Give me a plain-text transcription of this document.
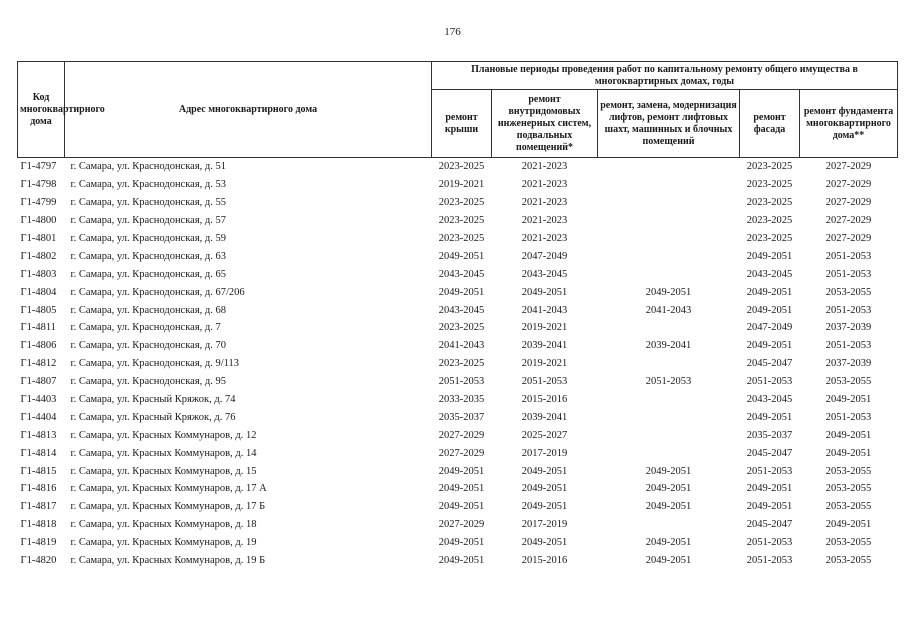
176
Код многоквартирного дома	Адрес многоквартирного дома	Плановые периоды проведения работ по капитальному ремонту общего имущества в многоквартирных домах, годы				
		ремонт крыши	ремонт внутридомовых инженерных систем, подвальных помещений*	ремонт, замена, модернизация лифтов, ремонт лифтовых шахт, машинных и блочных помещений	ремонт фасада	ремонт фундамента многоквартирного дома**
Г1-4797	г. Самара, ул. Краснодонская, д. 51	2023-2025	2021-2023		2023-2025	2027-2029
Г1-4798	г. Самара, ул. Краснодонская, д. 53	2019-2021	2021-2023		2023-2025	2027-2029
Г1-4799	г. Самара, ул. Краснодонская, д. 55	2023-2025	2021-2023		2023-2025	2027-2029
Г1-4800	г. Самара, ул. Краснодонская, д. 57	2023-2025	2021-2023		2023-2025	2027-2029
Г1-4801	г. Самара, ул. Краснодонская, д. 59	2023-2025	2021-2023		2023-2025	2027-2029
Г1-4802	г. Самара, ул. Краснодонская, д. 63	2049-2051	2047-2049		2049-2051	2051-2053
Г1-4803	г. Самара, ул. Краснодонская, д. 65	2043-2045	2043-2045		2043-2045	2051-2053
Г1-4804	г. Самара, ул. Краснодонская, д. 67/206	2049-2051	2049-2051	2049-2051	2049-2051	2053-2055
Г1-4805	г. Самара, ул. Краснодонская, д. 68	2043-2045	2041-2043	2041-2043	2049-2051	2051-2053
Г1-4811	г. Самара, ул. Краснодонская, д. 7	2023-2025	2019-2021		2047-2049	2037-2039
Г1-4806	г. Самара, ул. Краснодонская, д. 70	2041-2043	2039-2041	2039-2041	2049-2051	2051-2053
Г1-4812	г. Самара, ул. Краснодонская, д. 9/113	2023-2025	2019-2021		2045-2047	2037-2039
Г1-4807	г. Самара, ул. Краснодонская, д. 95	2051-2053	2051-2053	2051-2053	2051-2053	2053-2055
Г1-4403	г. Самара, ул. Красный Кряжок, д. 74	2033-2035	2015-2016		2043-2045	2049-2051
Г1-4404	г. Самара, ул. Красный Кряжок, д. 76	2035-2037	2039-2041		2049-2051	2051-2053
Г1-4813	г. Самара, ул. Красных Коммунаров, д. 12	2027-2029	2025-2027		2035-2037	2049-2051
Г1-4814	г. Самара, ул. Красных Коммунаров, д. 14	2027-2029	2017-2019		2045-2047	2049-2051
Г1-4815	г. Самара, ул. Красных Коммунаров, д. 15	2049-2051	2049-2051	2049-2051	2051-2053	2053-2055
Г1-4816	г. Самара, ул. Красных Коммунаров, д. 17 А	2049-2051	2049-2051	2049-2051	2049-2051	2053-2055
Г1-4817	г. Самара, ул. Красных Коммунаров, д. 17 Б	2049-2051	2049-2051	2049-2051	2049-2051	2053-2055
Г1-4818	г. Самара, ул. Красных Коммунаров, д. 18	2027-2029	2017-2019		2045-2047	2049-2051
Г1-4819	г. Самара, ул. Красных Коммунаров, д. 19	2049-2051	2049-2051	2049-2051	2051-2053	2053-2055
Г1-4820	г. Самара, ул. Красных Коммунаров, д. 19 Б	2049-2051	2015-2016	2049-2051	2051-2053	2053-2055
